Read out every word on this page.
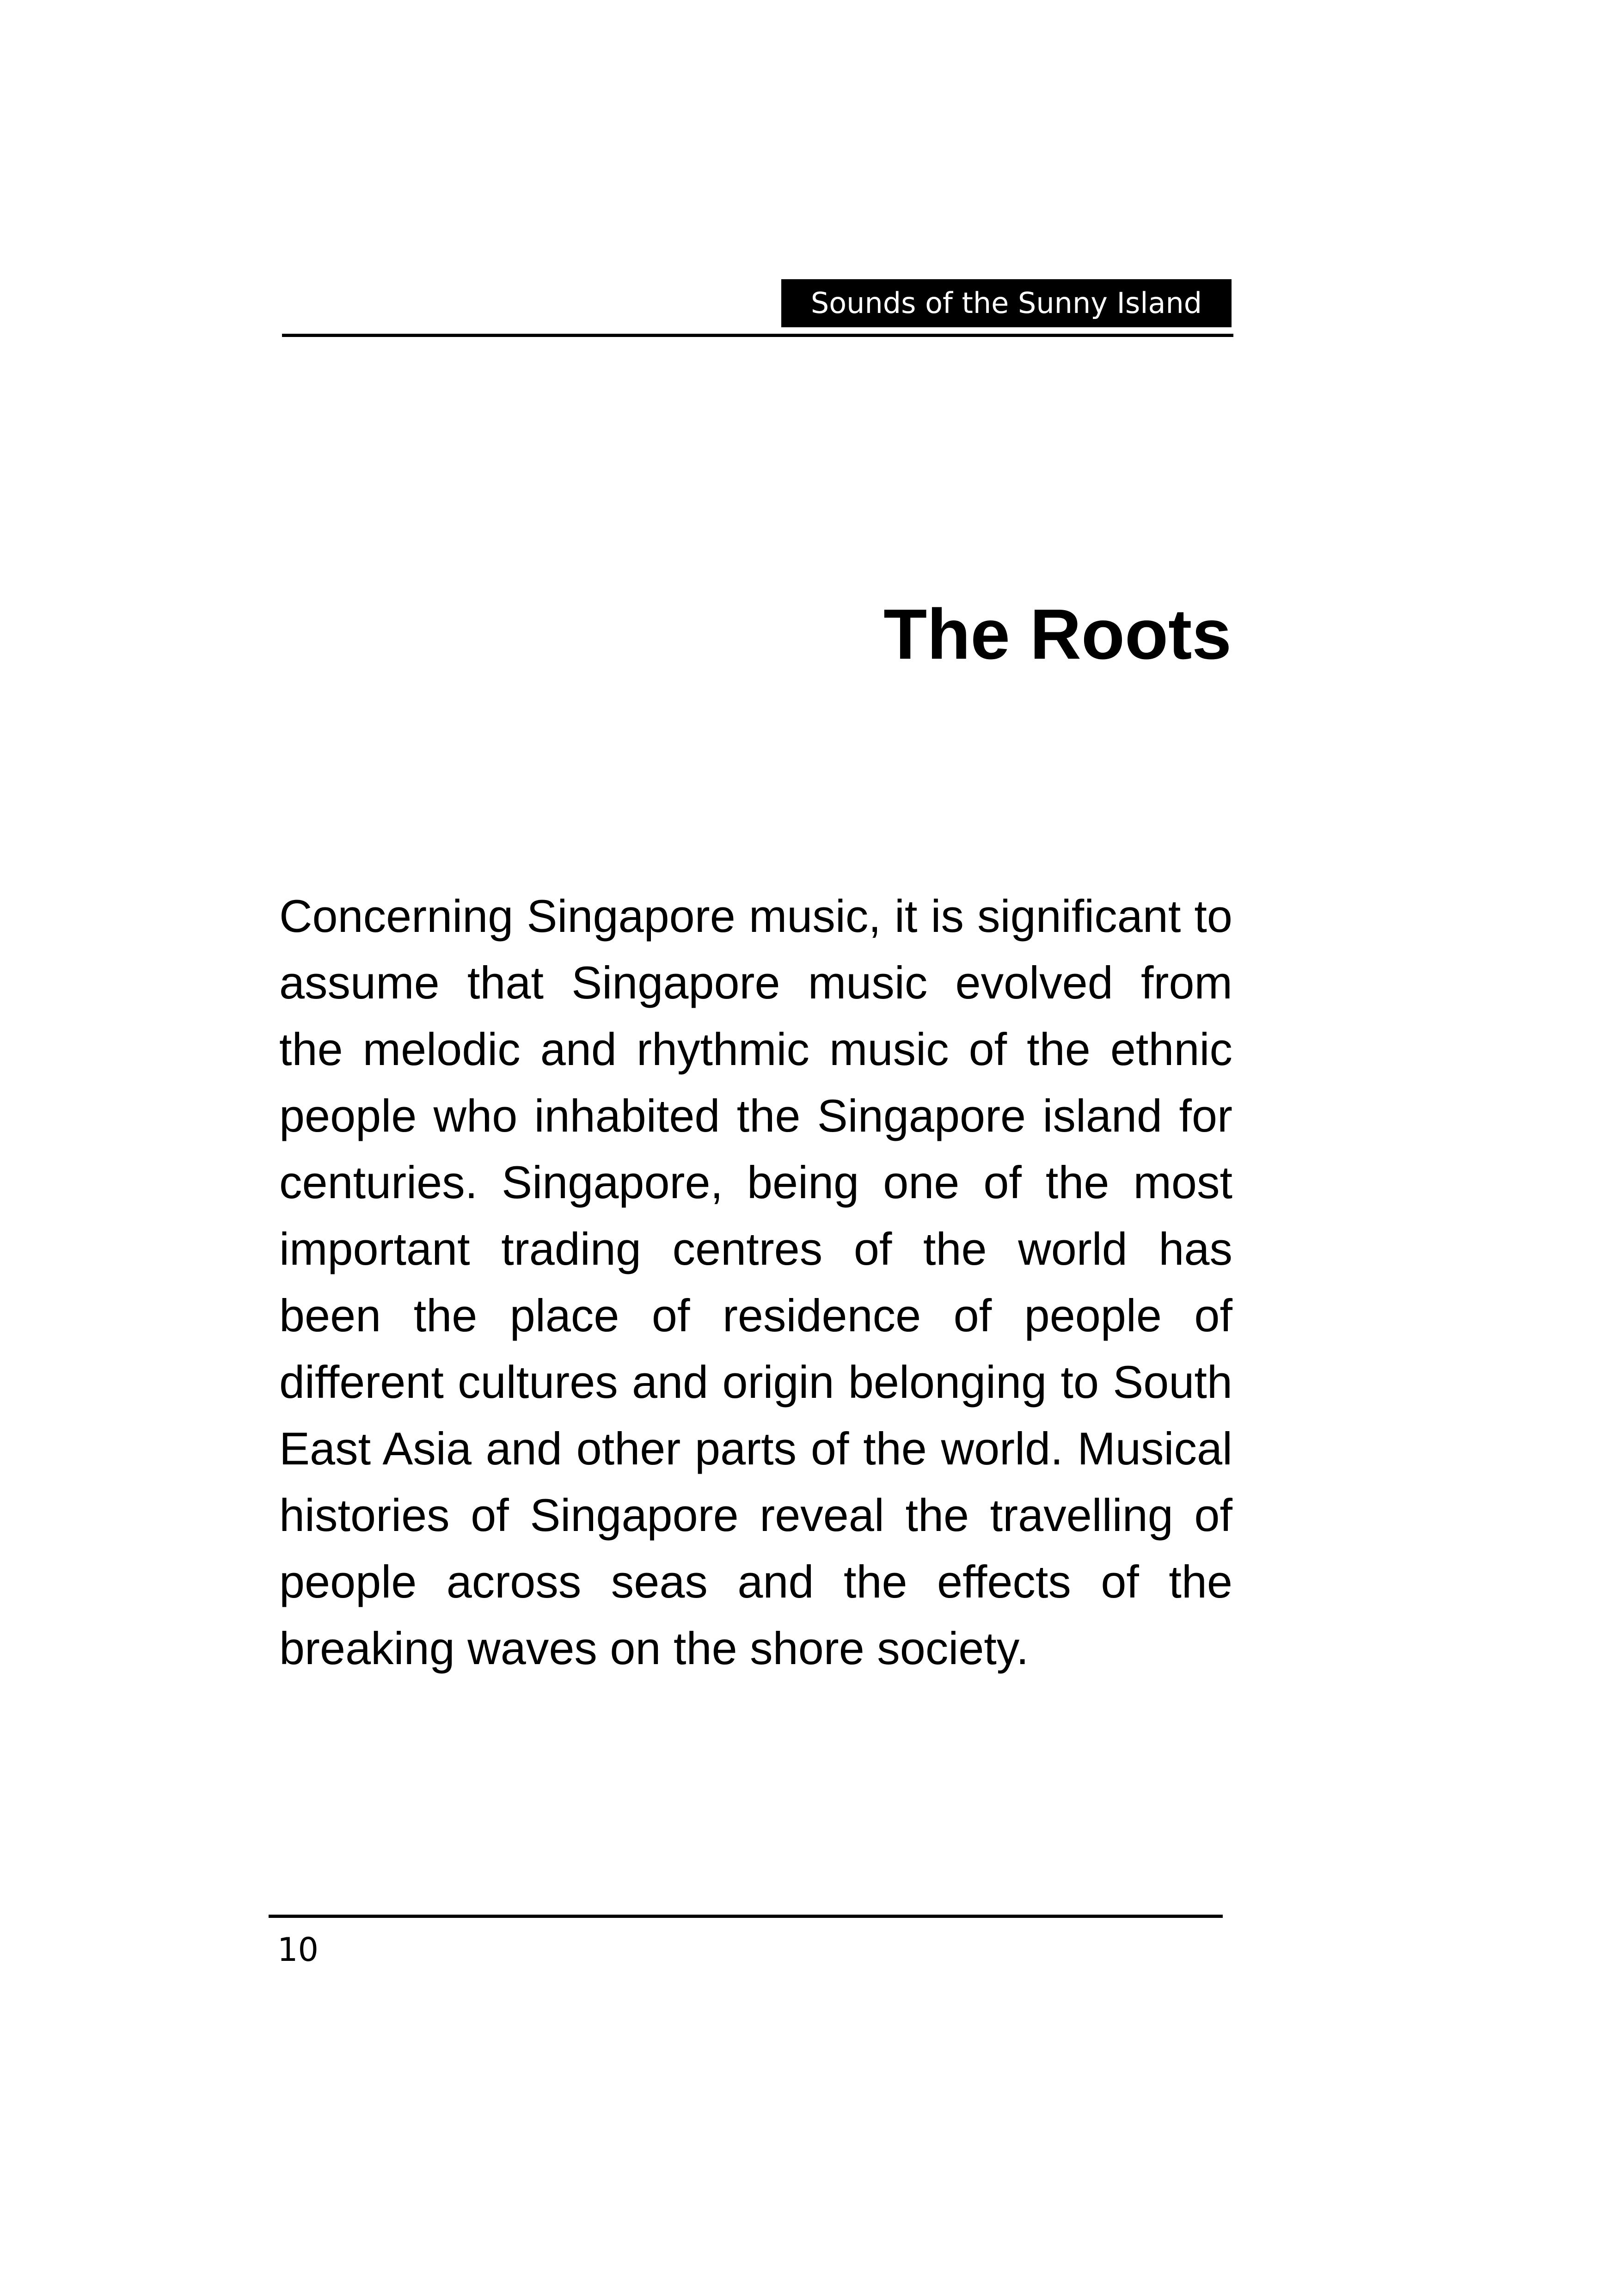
Sounds of the Sunny Island
The Roots

Concerning Singapore music, it is significant to assume that Singapore music evolved from the melodic and rhythmic music of the ethnic people who inhabited the Singapore island for centuries. Singapore, being one of the most important trading centres of the world has been the place of residence of people of different cultures and origin belonging to South East Asia and other parts of the world. Musical histories of Singapore reveal the travelling of people across seas and the effects of the breaking waves on the shore society.

10
